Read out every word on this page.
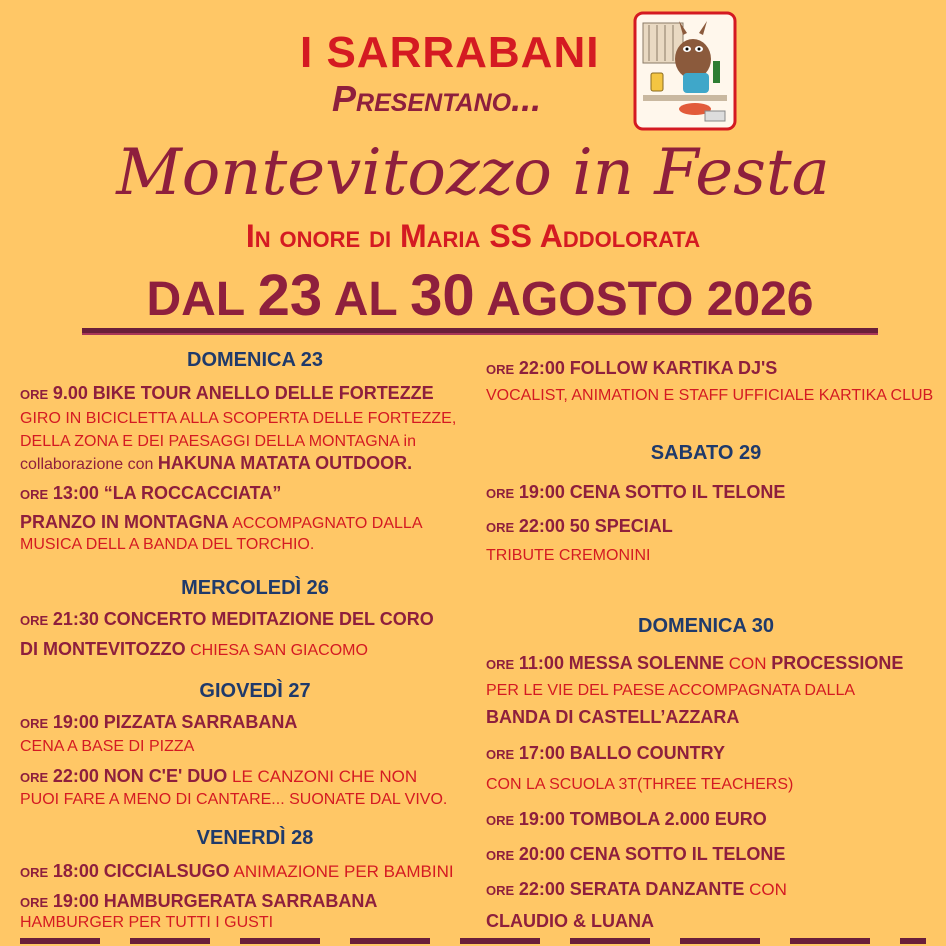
I SARRABANI
Presentano...
Montevitozzo in Festa
In onore di Maria SS Addolorata
DAL 23 AL 30 AGOSTO 2026
DOMENICA 23
ORE 9.00 BIKE TOUR ANELLO DELLE FORTEZZE
GIRO IN BICICLETTA ALLA SCOPERTA DELLE FORTEZZE,
DELLA ZONA E DEI PAESAGGI DELLA MONTAGNA in
collaborazione con HAKUNA MATATA OUTDOOR.
ORE 13:00 “LA ROCCACCIATA”
PRANZO IN MONTAGNA ACCOMPAGNATO DALLA
MUSICA DELL A BANDA DEL TORCHIO.
MERCOLEDÌ 26
ORE 21:30 CONCERTO MEDITAZIONE DEL CORO
DI MONTEVITOZZO CHIESA SAN GIACOMO
GIOVEDÌ 27
ORE 19:00 PIZZATA SARRABANA
CENA A BASE DI PIZZA
ORE 22:00 NON C'E' DUO LE CANZONI CHE NON
PUOI FARE A MENO DI CANTARE... SUONATE DAL VIVO.
VENERDÌ 28
ORE 18:00 CICCIALSUGO ANIMAZIONE PER BAMBINI
ORE 19:00 HAMBURGERATA SARRABANA
HAMBURGER PER TUTTI I GUSTI
ORE 22:00 FOLLOW KARTIKA DJ'S
VOCALIST, ANIMATION E STAFF UFFICIALE KARTIKA CLUB
SABATO 29
ORE 19:00 CENA SOTTO IL TELONE
ORE 22:00 50 SPECIAL
TRIBUTE CREMONINI
DOMENICA 30
ORE 11:00 MESSA SOLENNE CON PROCESSIONE
PER LE VIE DEL PAESE ACCOMPAGNATA DALLA
BANDA DI CASTELL’AZZARA
ORE 17:00 BALLO COUNTRY
CON LA SCUOLA 3T(THREE TEACHERS)
ORE 19:00 TOMBOLA 2.000 EURO
ORE 20:00 CENA SOTTO IL TELONE
ORE 22:00 SERATA DANZANTE CON
CLAUDIO & LUANA
